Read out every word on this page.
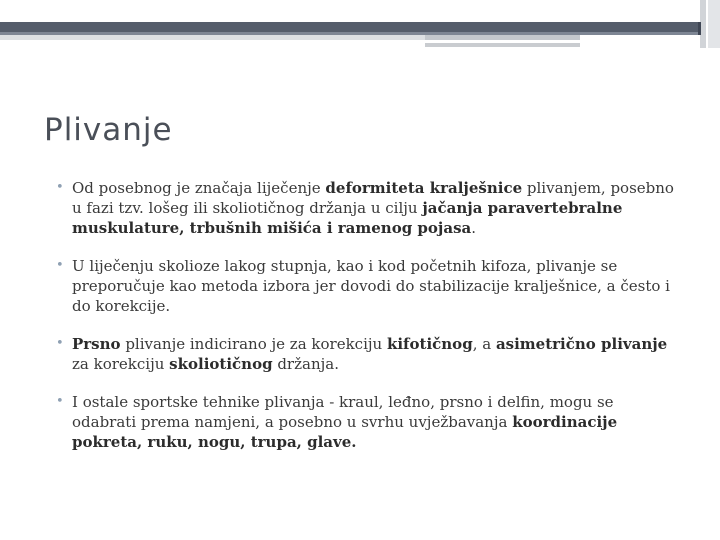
Plivanje
• Od posebnog je značaja liječenje deformiteta kralješnice plivanjem, posebno u fazi tzv. lošeg ili skoliotičnog držanja u cilju jačanja paravertebralne muskulature, trbušnih mišića i ramenog pojasa.
• U liječenju skolioze lakog stupnja, kao i kod početnih kifoza, plivanje se preporučuje kao metoda izbora jer dovodi do stabilizacije kralješnice, a često i do korekcije.
• Prsno plivanje indicirano je za korekciju kifotičnog, a asimetrično plivanje za korekciju skoliotičnog držanja.
• I ostale sportske tehnike plivanja - kraul, leđno, prsno i delfin, mogu se odabrati prema namjeni, a posebno u svrhu uvježbavanja koordinacije pokreta, ruku, nogu, trupa, glave.
